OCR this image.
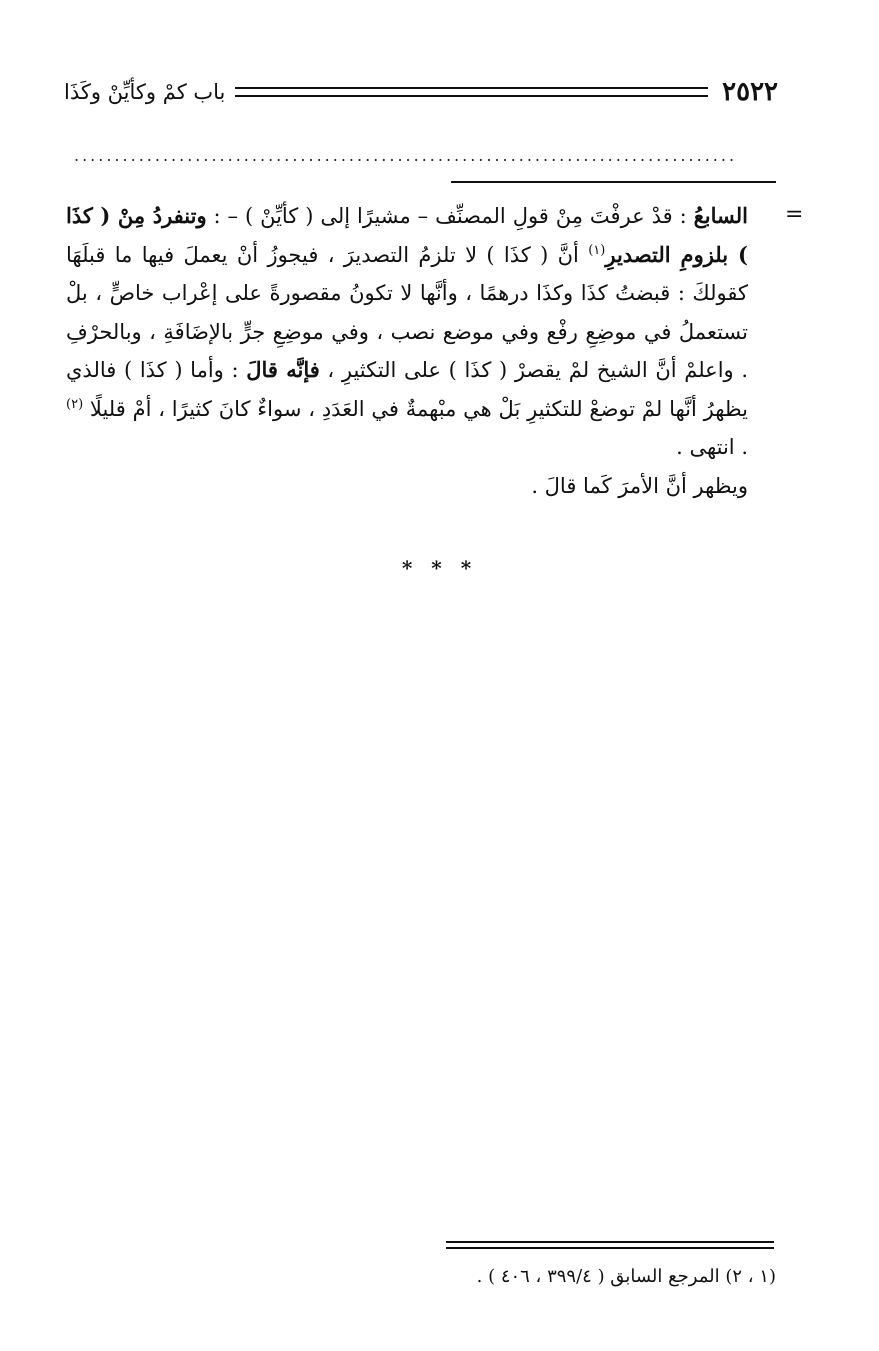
٢٥٢٢
باب كمْ وكأيِّنْ وكَذَا
..................................................................................
=

السابعُ : قدْ عرفْتَ مِنْ قولِ المصنِّف – مشيرًا إلى ( كأيِّنْ ) – : وتنفردُ مِنْ ( كذَا ) بلزومِ التصديرِ$^{(١)}$ أنَّ ( كذَا ) لا تلزمُ التصديرَ ، فيجوزُ أنْ يعملَ فيها ما قبلَهَا كقولكَ : قبضتُ كذَا وكذَا درهمًا ، وأنَّها لا تكونُ مقصورةً على إعْراب خاصٍّ ، بلْ تستعملُ في موضِعِ رفْع وفي موضع نصب ، وفي موضِعِ جرٍّ بالإضَافَةِ ، وبالحرْفِ . واعلمْ أنَّ الشيخ لمْ يقصرْ ( كذَا ) على التكثيرِ ، فإنَّه قالَ : وأما ( كذَا ) فالذي يظهرُ أنَّها لمْ توضعْ للتكثيرِ بَلْ هي مبْهمةٌ في العَدَدِ ، سواءٌ كانَ كثيرًا ، أمْ قليلًا $^{(٢)}$ . انتهى .

ويظهر أنَّ الأمرَ كَما قالَ .

* * *
(١ ، ٢) المرجع السابق ( ٣٩٩/٤ ، ٤٠٦ ) .
